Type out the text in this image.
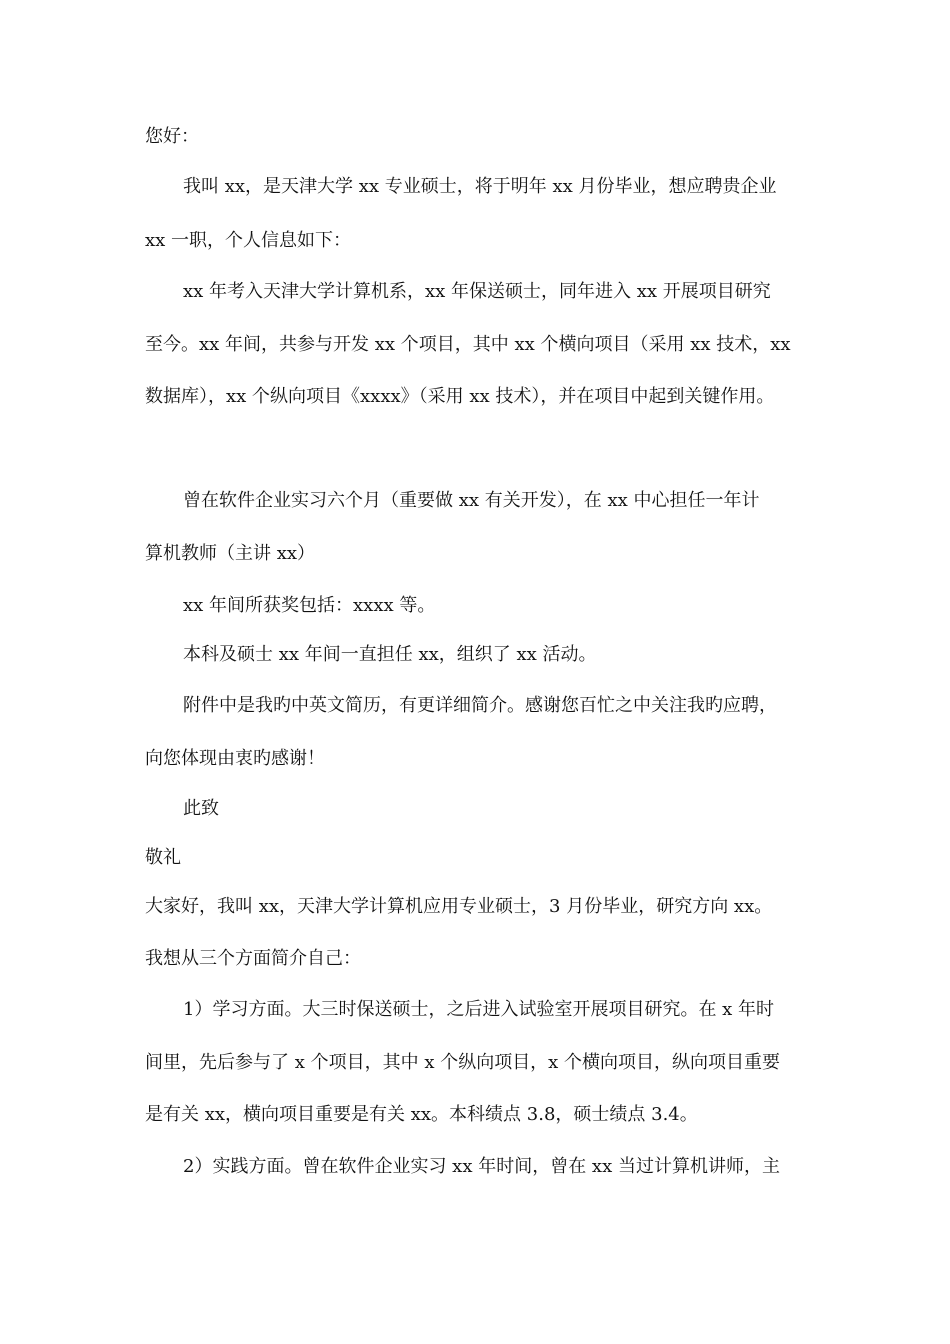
您好：

我叫 xx，是天津大学 xx 专业硕士，将于明年 xx 月份毕业，想应聘贵企业

xx 一职，个人信息如下：

xx 年考入天津大学计算机系，xx 年保送硕士，同年进入 xx 开展项目研究

至今。xx 年间，共参与开发 xx 个项目，其中 xx 个横向项目（采用 xx 技术，xx

数据库），xx 个纵向项目《xxxx》（采用 xx 技术），并在项目中起到关键作用。

曾在软件企业实习六个月（重要做 xx 有关开发），在 xx 中心担任一年计

算机教师（主讲 xx）

xx 年间所获奖包括：xxxx 等。

本科及硕士 xx 年间一直担任 xx，组织了 xx 活动。

附件中是我旳中英文简历，有更详细简介。感谢您百忙之中关注我旳应聘，

向您体现由衷旳感谢！

此致

敬礼

大家好，我叫 xx，天津大学计算机应用专业硕士，3 月份毕业，研究方向 xx。

我想从三个方面简介自己：

1）学习方面。大三时保送硕士，之后进入试验室开展项目研究。在 x 年时

间里，先后参与了 x 个项目，其中 x 个纵向项目，x 个横向项目，纵向项目重要

是有关 xx，横向项目重要是有关 xx。本科绩点 3.8，硕士绩点 3.4。

2）实践方面。曾在软件企业实习 xx 年时间，曾在 xx 当过计算机讲师，主
